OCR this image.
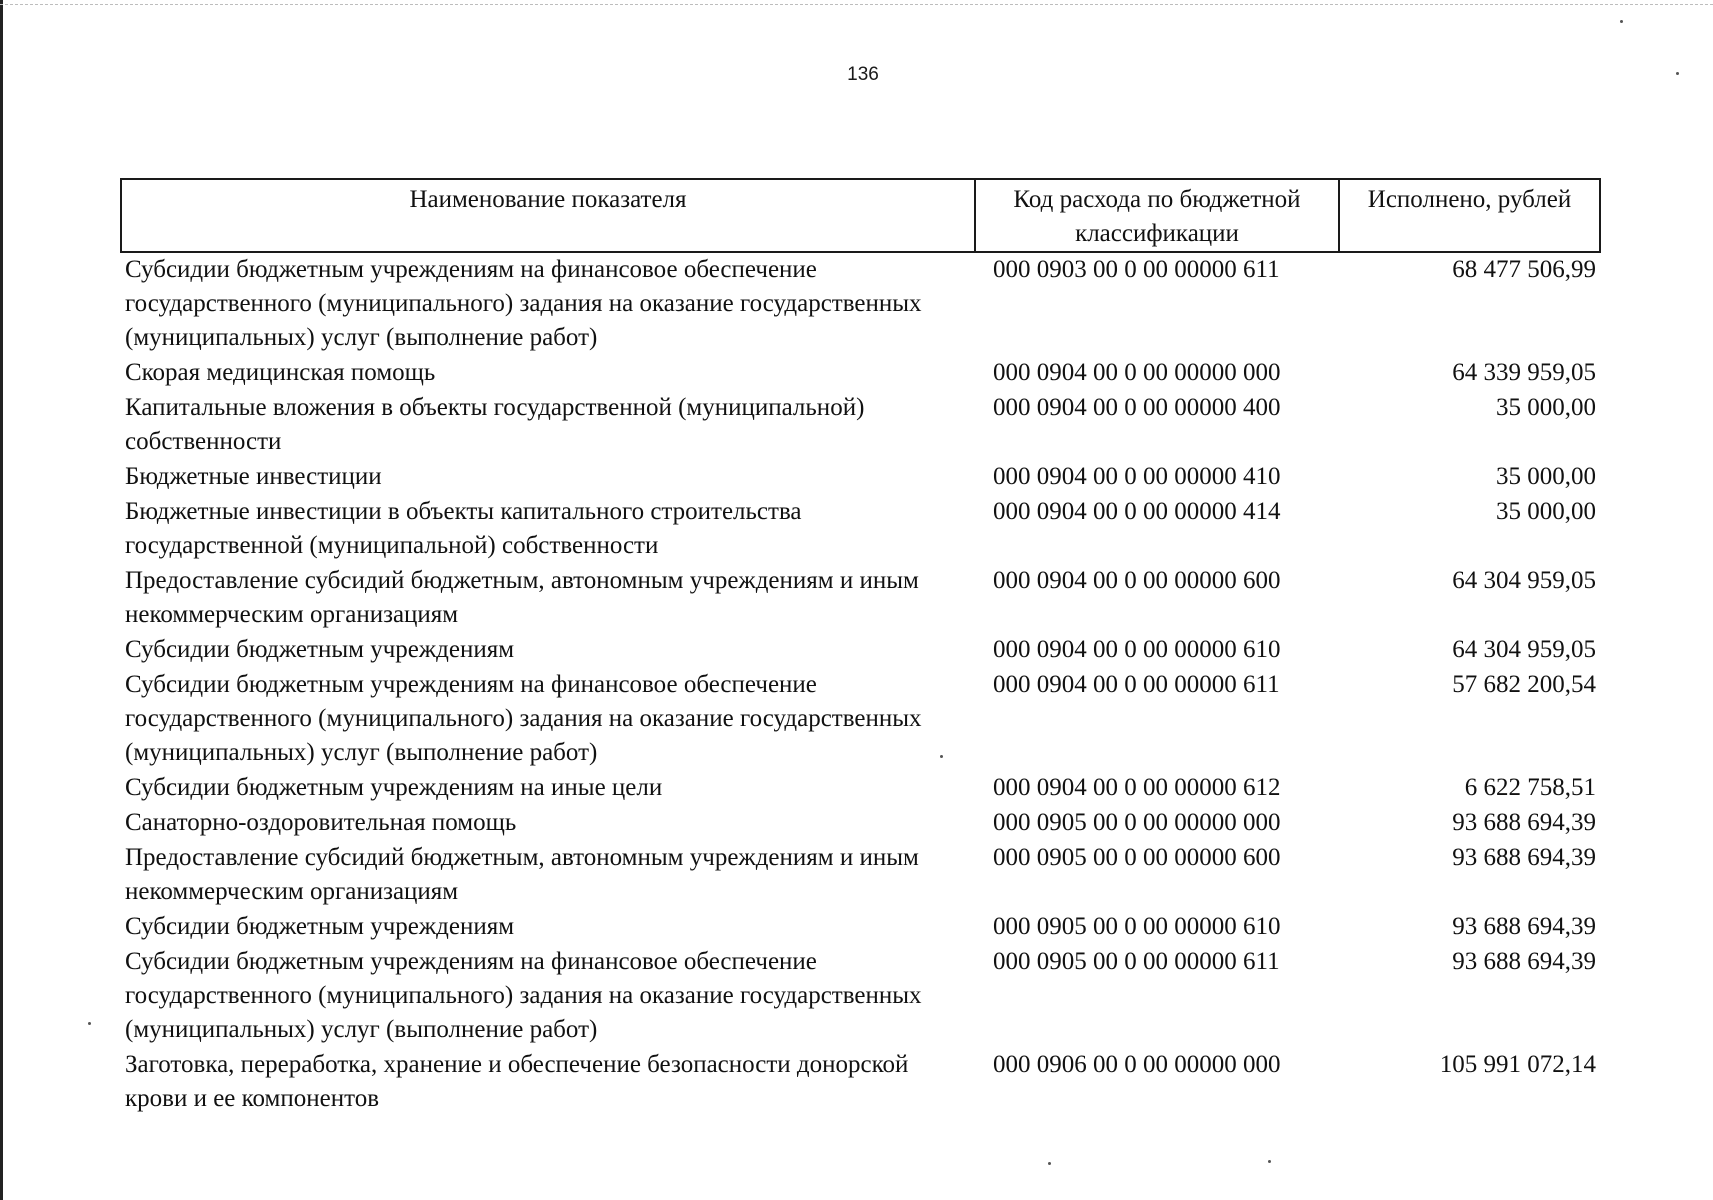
136
Наименование показателя	Код расхода по бюджетной классификации	Исполнено, рублей
Субсидии бюджетным учреждениям на финансовое обеспечение государственного (муниципального) задания на оказание государственных (муниципальных) услуг (выполнение работ)	000 0903 00 0 00 00000 611	68 477 506,99
Скорая медицинская помощь	000 0904 00 0 00 00000 000	64 339 959,05
Капитальные вложения в объекты государственной (муниципальной) собственности	000 0904 00 0 00 00000 400	35 000,00
Бюджетные инвестиции	000 0904 00 0 00 00000 410	35 000,00
Бюджетные инвестиции в объекты капитального строительства государственной (муниципальной) собственности	000 0904 00 0 00 00000 414	35 000,00
Предоставление субсидий бюджетным, автономным учреждениям и иным некоммерческим организациям	000 0904 00 0 00 00000 600	64 304 959,05
Субсидии бюджетным учреждениям	000 0904 00 0 00 00000 610	64 304 959,05
Субсидии бюджетным учреждениям на финансовое обеспечение государственного (муниципального) задания на оказание государственных (муниципальных) услуг (выполнение работ)	000 0904 00 0 00 00000 611	57 682 200,54
Субсидии бюджетным учреждениям на иные цели	000 0904 00 0 00 00000 612	6 622 758,51
Санаторно-оздоровительная помощь	000 0905 00 0 00 00000 000	93 688 694,39
Предоставление субсидий бюджетным, автономным учреждениям и иным некоммерческим организациям	000 0905 00 0 00 00000 600	93 688 694,39
Субсидии бюджетным учреждениям	000 0905 00 0 00 00000 610	93 688 694,39
Субсидии бюджетным учреждениям на финансовое обеспечение государственного (муниципального) задания на оказание государственных (муниципальных) услуг (выполнение работ)	000 0905 00 0 00 00000 611	93 688 694,39
Заготовка, переработка, хранение и обеспечение безопасности донорской крови и ее компонентов	000 0906 00 0 00 00000 000	105 991 072,14
